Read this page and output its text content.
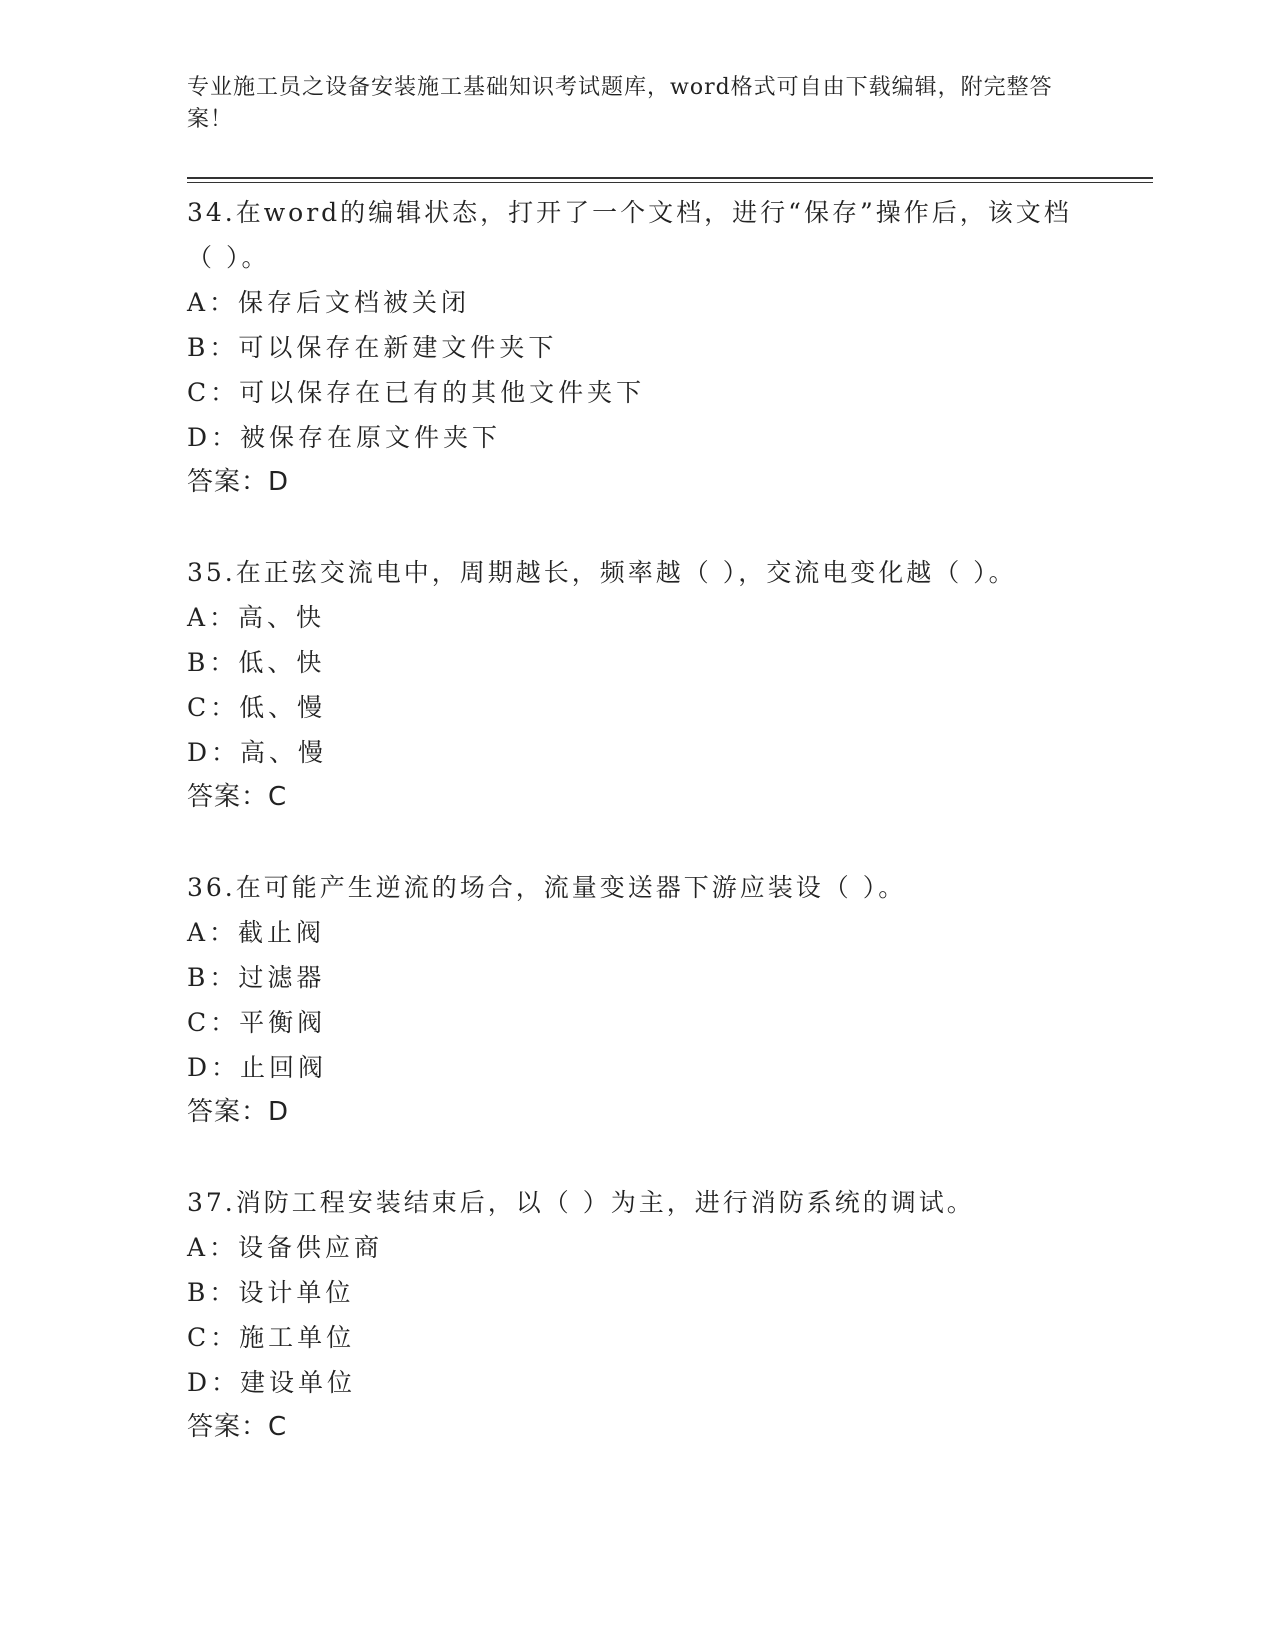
专业施工员之设备安装施工基础知识考试题库，word格式可自由下载编辑，附完整答案！

34.在word的编辑状态，打开了一个文档，进行“保存”操作后，该文档（ ）。

A：保存后文档被关闭

B：可以保存在新建文件夹下

C：可以保存在已有的其他文件夹下

D：被保存在原文件夹下

答案：D

35.在正弦交流电中，周期越长，频率越（ ），交流电变化越（ ）。

A：高、快

B：低、快

C：低、慢

D：高、慢

答案：C

36.在可能产生逆流的场合，流量变送器下游应装设（ ）。

A：截止阀

B：过滤器

C：平衡阀

D：止回阀

答案：D

37.消防工程安装结束后，以（ ）为主，进行消防系统的调试。

A：设备供应商

B：设计单位

C：施工单位

D：建设单位

答案：C
